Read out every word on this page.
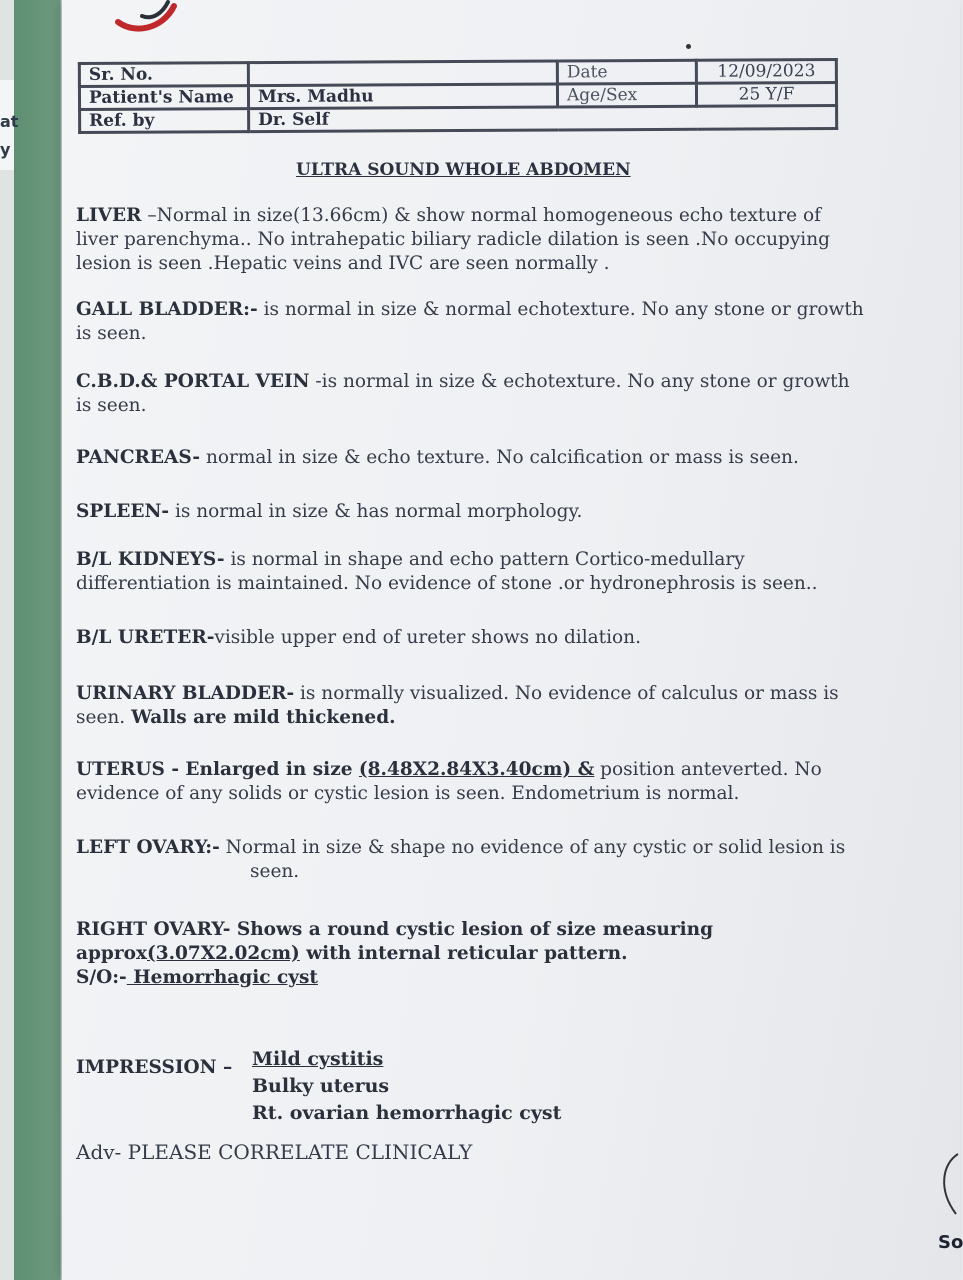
at
y
Sr. No.		Date	12/09/2023
Patient's Name	Mrs. Madhu	Age/Sex	25 Y/F
Ref. by	Dr. Self		
ULTRA SOUND WHOLE ABDOMEN
LIVER –Normal in size(13.66cm) & show normal homogeneous echo texture of liver parenchyma.. No intrahepatic biliary radicle dilation is seen .No occupying lesion is seen .Hepatic veins and IVC are seen normally .
GALL BLADDER:- is normal in size & normal echotexture. No any stone or growth is seen.
C.B.D.& PORTAL VEIN -is normal in size & echotexture. No any stone or growth is seen.
PANCREAS- normal in size & echo texture. No calcification or mass is seen.
SPLEEN- is normal in size & has normal morphology.
B/L KIDNEYS- is normal in shape and echo pattern Cortico-medullary differentiation is maintained. No evidence of stone .or hydronephrosis is seen..
B/L URETER-visible upper end of ureter shows no dilation.
URINARY BLADDER- is normally visualized. No evidence of calculus or mass is seen. Walls are mild thickened.
UTERUS - Enlarged in size (8.48X2.84X3.40cm) & position anteverted. No evidence of any solids or cystic lesion is seen. Endometrium is normal.
LEFT OVARY:- Normal in size & shape no evidence of any cystic or solid lesion is
seen.
RIGHT OVARY- Shows a round cystic lesion of size measuring approx(3.07X2.02cm) with internal reticular pattern.
S/O:- Hemorrhagic cyst
IMPRESSION –	Mild cystitis
Bulky uterus
Rt. ovarian hemorrhagic cyst
Adv- PLEASE CORRELATE CLINICALY
So
